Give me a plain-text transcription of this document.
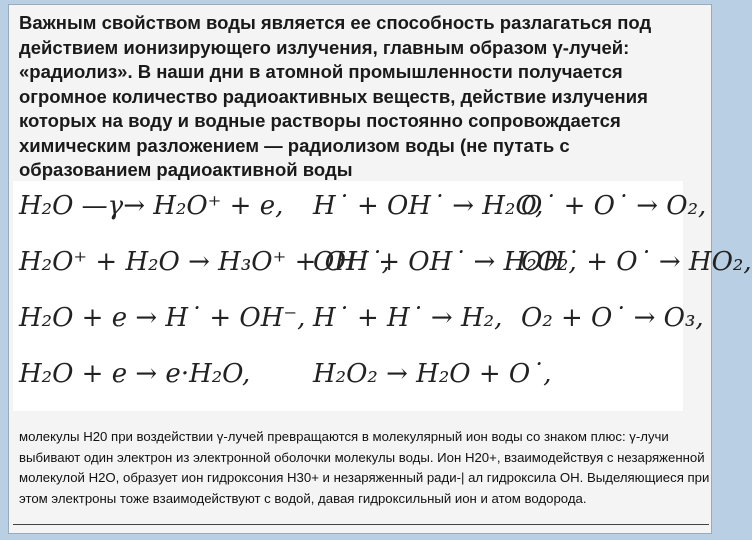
Важным свойством воды является ее способность разлагаться под действием ионизирующего излучения, главным образом γ-лучей: «радиолиз». В наши дни в атомной промышленности получается огромное количество радиоактивных веществ, действие излучения которых на воду и водные растворы постоянно сопровождается химическим разложением — радиолизом воды (не путать с образованием радиоактивной воды

H₂O —γ→ H₂O⁺ + e, H˙ + OH˙ → H₂O,
O˙ + O˙ → O₂,
H₂O⁺ + H₂O → H₃O⁺ + OH˙,
OH˙ + OH˙ → H₂O₂,
OH˙ + O˙ → HO₂,
H₂O + e → H˙ + OH⁻, H˙ + H˙ → H₂, O₂ + O˙ → O₃,
H₂O + e → e·H₂O, H₂O₂ → H₂O + O˙,

молекулы Н20 при воздействии γ-лучей превращаются в молекулярный ион воды со знаком плюс: γ-лучи выбивают один электрон из электронной оболочки молекулы воды. Ион Н20+, взаимодействуя с незаряженной молекулой Н2О, образует ион гидроксония Н30+ и незаряженный ради-| ал гидроксила ОН. Выделяющиеся при этом электроны тоже взаимодействуют с водой, давая гидроксильный ион и атом водорода.
